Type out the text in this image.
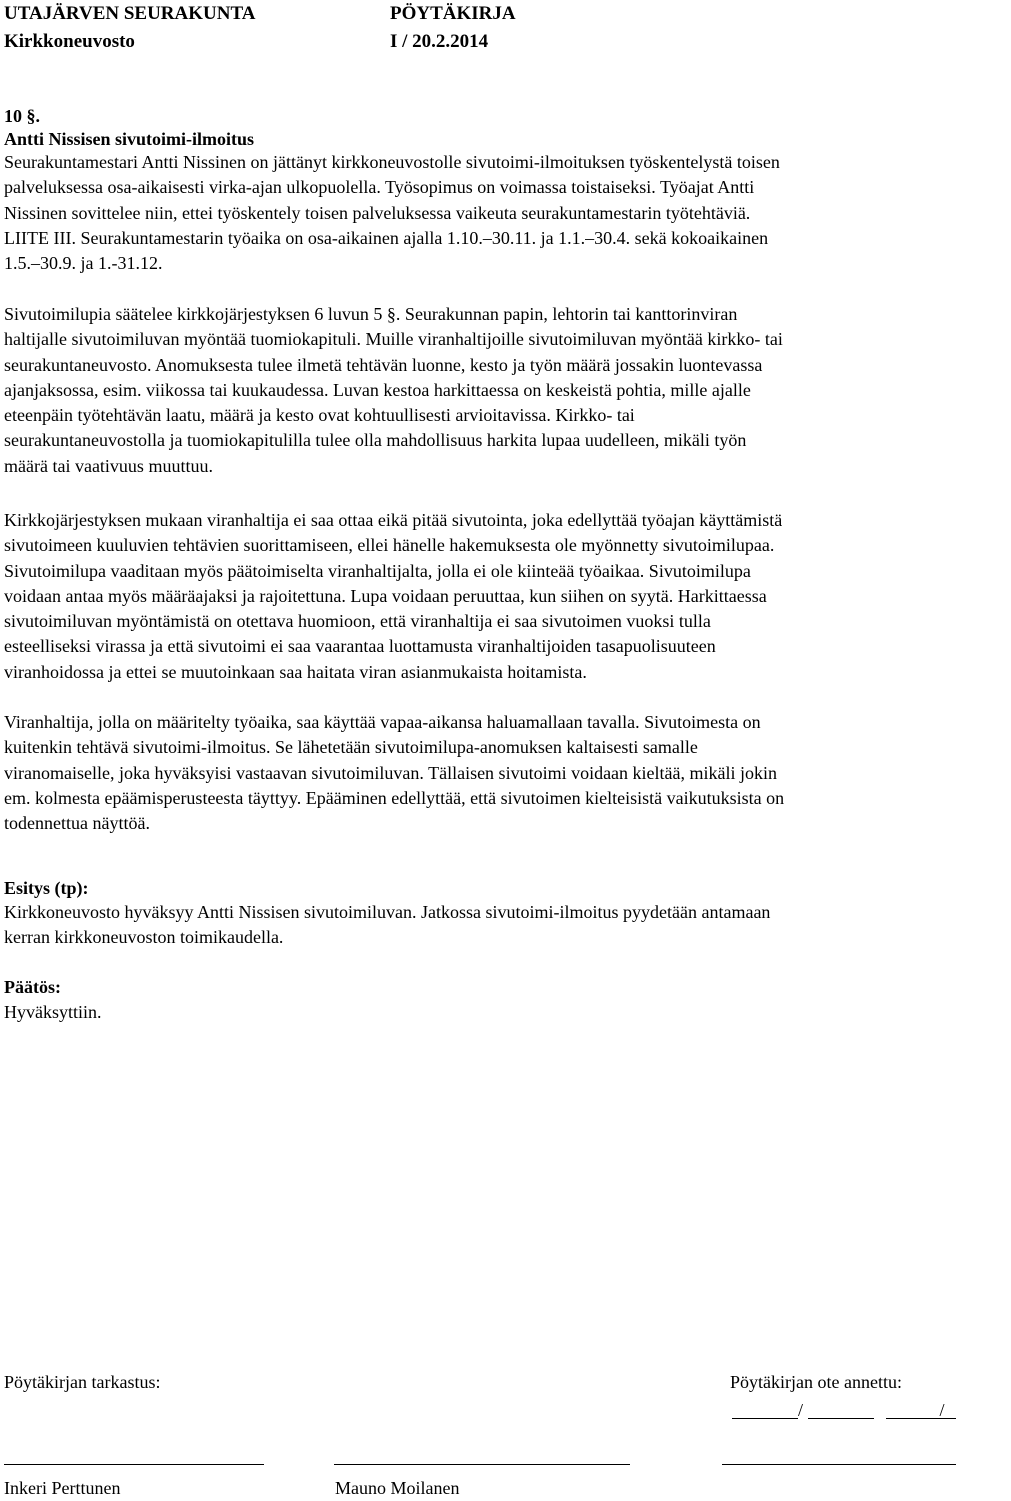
UTAJÄRVEN SEURAKUNTA	PÖYTÄKIRJA
Kirkkoneuvosto	I / 20.2.2014
10 §.
Antti Nissisen sivutoimi-ilmoitus
Seurakuntamestari Antti Nissinen on jättänyt kirkkoneuvostolle sivutoimi-ilmoituksen työskentelystä toisen
palveluksessa osa-aikaisesti virka-ajan ulkopuolella. Työsopimus on voimassa toistaiseksi. Työajat Antti
Nissinen sovittelee niin, ettei työskentely toisen palveluksessa vaikeuta seurakuntamestarin työtehtäviä.
LIITE III. Seurakuntamestarin työaika on osa-aikainen ajalla 1.10.–30.11. ja 1.1.–30.4. sekä kokoaikainen
1.5.–30.9. ja 1.-31.12.
Sivutoimilupia säätelee kirkkojärjestyksen 6 luvun 5 §. Seurakunnan papin, lehtorin tai kanttorinviran
haltijalle sivutoimiluvan myöntää tuomiokapituli. Muille viranhaltijoille sivutoimiluvan myöntää kirkko- tai
seurakuntaneuvosto. Anomuksesta tulee ilmetä tehtävän luonne, kesto ja työn määrä jossakin luontevassa
ajanjaksossa, esim. viikossa tai kuukaudessa. Luvan kestoa harkittaessa on keskeistä pohtia, mille ajalle
eteenpäin työtehtävän laatu, määrä ja kesto ovat kohtuullisesti arvioitavissa. Kirkko- tai
seurakuntaneuvostolla ja tuomiokapitulilla tulee olla mahdollisuus harkita lupaa uudelleen, mikäli työn
määrä tai vaativuus muuttuu.
Kirkkojärjestyksen mukaan viranhaltija ei saa ottaa eikä pitää sivutointa, joka edellyttää työajan käyttämistä
sivutoimeen kuuluvien tehtävien suorittamiseen, ellei hänelle hakemuksesta ole myönnetty sivutoimilupaa.
Sivutoimilupa vaaditaan myös päätoimiselta viranhaltijalta, jolla ei ole kiinteää työaikaa. Sivutoimilupa
voidaan antaa myös määräajaksi ja rajoitettuna. Lupa voidaan peruuttaa, kun siihen on syytä. Harkittaessa
sivutoimiluvan myöntämistä on otettava huomioon, että viranhaltija ei saa sivutoimen vuoksi tulla
esteelliseksi virassa ja että sivutoimi ei saa vaarantaa luottamusta viranhaltijoiden tasapuolisuuteen
viranhoidossa ja ettei se muutoinkaan saa haitata viran asianmukaista hoitamista.
Viranhaltija, jolla on määritelty työaika, saa käyttää vapaa-aikansa haluamallaan tavalla. Sivutoimesta on
kuitenkin tehtävä sivutoimi-ilmoitus. Se lähetetään sivutoimilupa-anomuksen kaltaisesti samalle
viranomaiselle, joka hyväksyisi vastaavan sivutoimiluvan. Tällaisen sivutoimi voidaan kieltää, mikäli jokin
em. kolmesta epäämisperusteesta täyttyy. Epääminen edellyttää, että sivutoimen kielteisistä vaikutuksista on
todennettua näyttöä.
Esitys (tp):
Kirkkoneuvosto hyväksyy Antti Nissisen sivutoimiluvan. Jatkossa sivutoimi-ilmoitus pyydetään antamaan
kerran kirkkoneuvoston toimikaudella.
Päätös:
Hyväksyttiin.
Pöytäkirjan tarkastus:	Pöytäkirjan ote annettu:
/ /
Inkeri Perttunen	Mauno Moilanen
